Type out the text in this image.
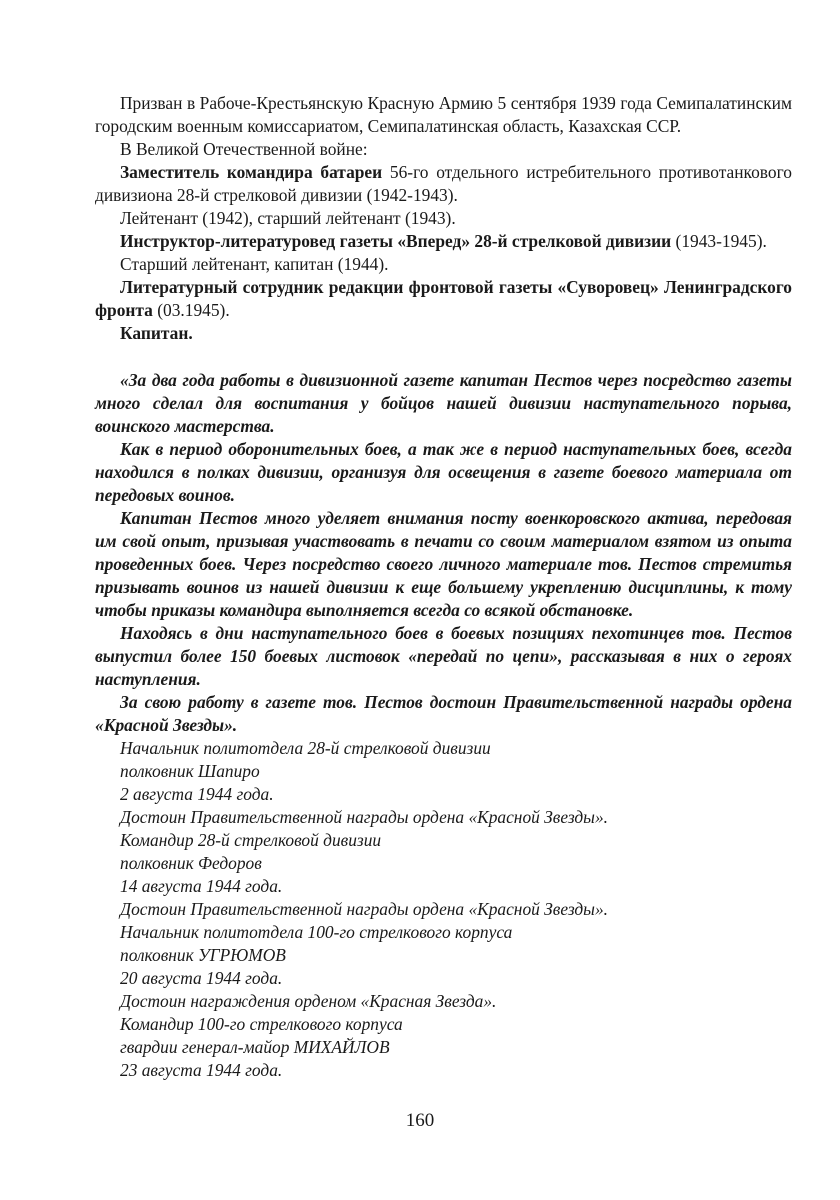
Призван в Рабоче-Крестьянскую Красную Армию 5 сентября 1939 года Семипалатинским городским военным комиссариатом, Семипалатинская область, Казахская ССР.

В Великой Отечественной войне:

Заместитель командира батареи 56-го отдельного истребительного противотанкового дивизиона 28-й стрелковой дивизии (1942-1943).

Лейтенант (1942), старший лейтенант (1943).

Инструктор-литературовед газеты «Вперед» 28-й стрелковой дивизии (1943-1945).

Старший лейтенант, капитан (1944).

Литературный сотрудник редакции фронтовой газеты «Суворовец» Ленинградского фронта (03.1945).

Капитан.

«За два года работы в дивизионной газете капитан Пестов через посредство газеты много сделал для воспитания у бойцов нашей дивизии наступательного порыва, воинского мастерства.

Как в период оборонительных боев, а так же в период наступательных боев, всегда находился в полках дивизии, организуя для освещения в газете боевого материала от передовых воинов.

Капитан Пестов много уделяет внимания посту военкоровского актива, передовая им свой опыт, призывая участвовать в печати со своим материалом взятом из опыта проведенных боев. Через посредство своего личного материале тов. Пестов стремитья призывать воинов из нашей дивизии к еще большему укреплению дисциплины, к тому чтобы приказы командира выполняется всегда со всякой обстановке.

Находясь в дни наступательного боев в боевых позициях пехотинцев тов. Пестов выпустил более 150 боевых листовок «передай по цепи», рассказывая в них о героях наступления.

За свою работу в газете тов. Пестов достоин Правительственной награды ордена «Красной Звезды».

Начальник политотдела 28-й стрелковой дивизии

полковник Шапиро

2 августа 1944 года.

Достоин Правительственной награды ордена «Красной Звезды».

Командир 28-й стрелковой дивизии

полковник Федоров

14 августа 1944 года.

Достоин Правительственной награды ордена «Красной Звезды».

Начальник политотдела 100-го стрелкового корпуса

полковник УГРЮМОВ

20 августа 1944 года.

Достоин награждения орденом «Красная Звезда».

Командир 100-го стрелкового корпуса

гвардии генерал-майор МИХАЙЛОВ

23 августа 1944 года.

160
